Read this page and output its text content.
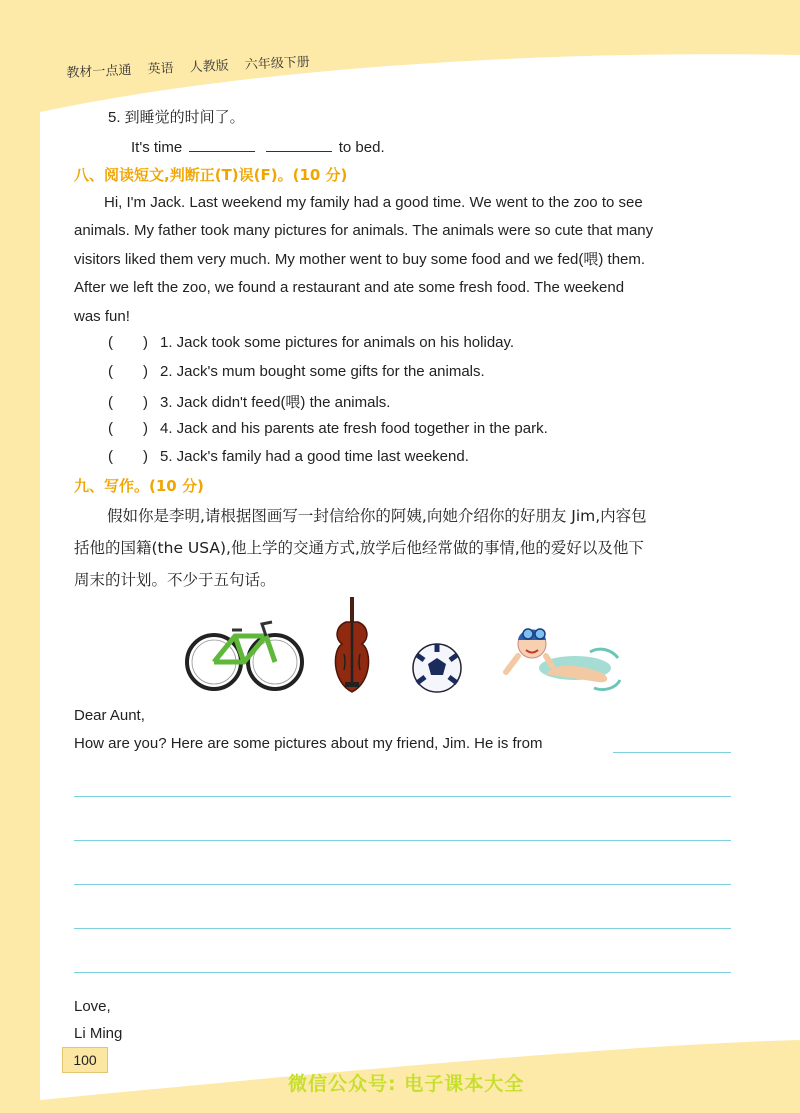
教材一点通 英语 人教版 六年级下册
5. 到睡觉的时间了。
It's time	to bed.
八、阅读短文,判断正(T)误(F)。(10 分)
Hi, I'm Jack. Last weekend my family had a good time. We went to the zoo to see
animals. My father took many pictures for animals. The animals were so cute that many
visitors liked them very much. My mother went to buy some food and we fed(喂) them.
After we left the zoo, we found a restaurant and ate some fresh food. The weekend
was fun!
( ) 1. Jack took some pictures for animals on his holiday.
( ) 2. Jack's mum bought some gifts for the animals.
( ) 3. Jack didn't feed(喂) the animals.
( ) 4. Jack and his parents ate fresh food together in the park.
( ) 5. Jack's family had a good time last weekend.
九、写作。(10 分)
假如你是李明,请根据图画写一封信给你的阿姨,向她介绍你的好朋友 Jim,内容包
括他的国籍(the USA),他上学的交通方式,放学后他经常做的事情,他的爱好以及他下
周末的计划。不少于五句话。
Dear Aunt,
How are you? Here are some pictures about my friend, Jim. He is from
Love,
Li Ming
100
微信公众号: 电子课本大全
